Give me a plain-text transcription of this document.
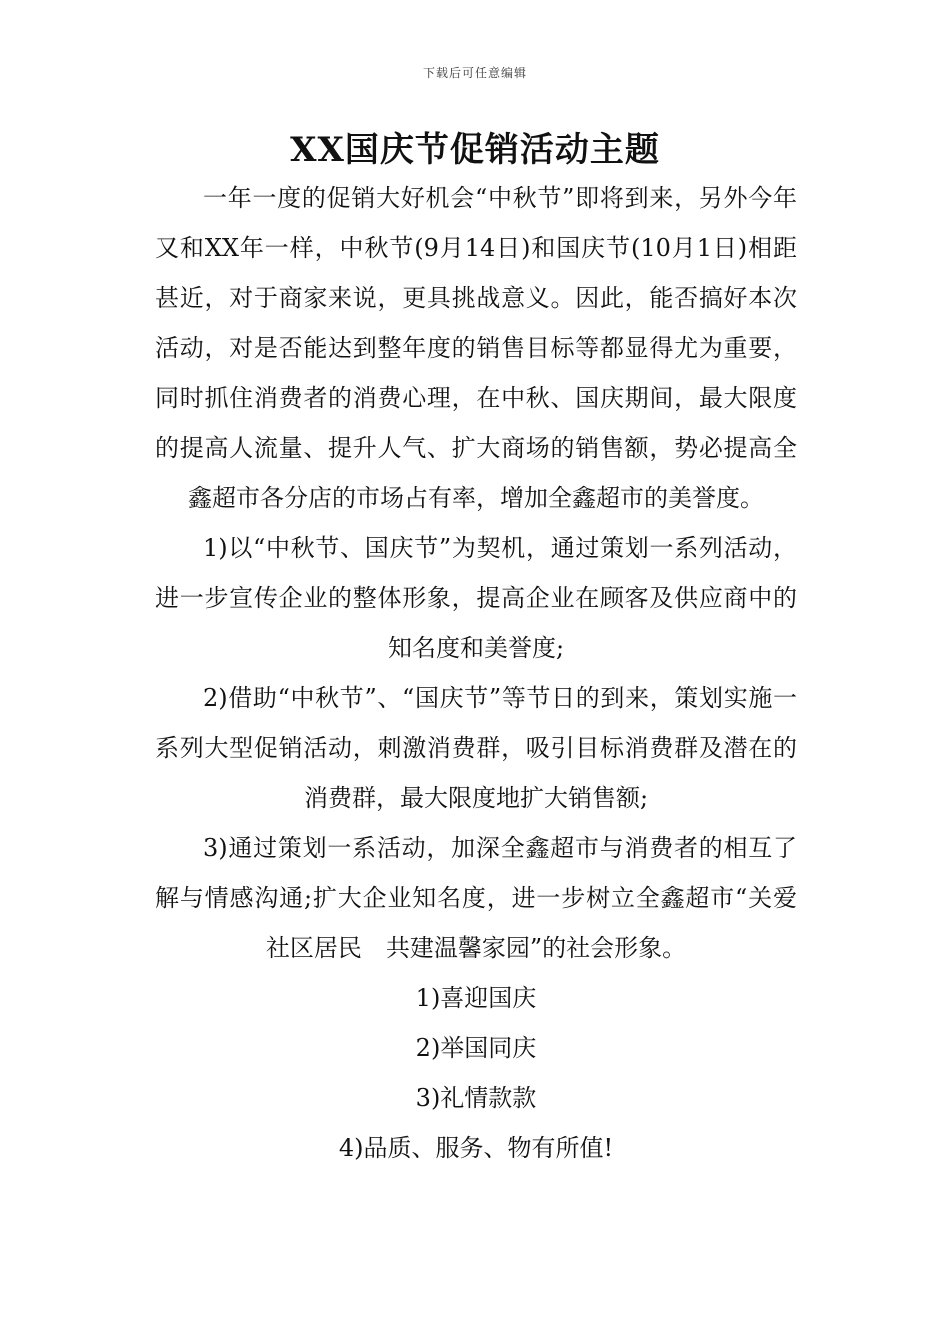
下载后可任意编辑
XX国庆节促销活动主题

一年一度的促销大好机会“中秋节”即将到来，另外今年又和XX年一样，中秋节(9月14日)和国庆节(10月1日)相距甚近，对于商家来说，更具挑战意义。因此，能否搞好本次活动，对是否能达到整年度的销售目标等都显得尤为重要，同时抓住消费者的消费心理，在中秋、国庆期间，最大限度的提高人流量、提升人气、扩大商场的销售额，势必提高全鑫超市各分店的市场占有率，增加全鑫超市的美誉度。

1)以“中秋节、国庆节”为契机，通过策划一系列活动，进一步宣传企业的整体形象，提高企业在顾客及供应商中的知名度和美誉度;

2)借助“中秋节”、“国庆节”等节日的到来，策划实施一系列大型促销活动，刺激消费群，吸引目标消费群及潜在的消费群，最大限度地扩大销售额;

3)通过策划一系活动，加深全鑫超市与消费者的相互了解与情感沟通;扩大企业知名度，进一步树立全鑫超市“关爱社区居民　共建温馨家园”的社会形象。

1)喜迎国庆

2)举国同庆

3)礼情款款

4)品质、服务、物有所值!
